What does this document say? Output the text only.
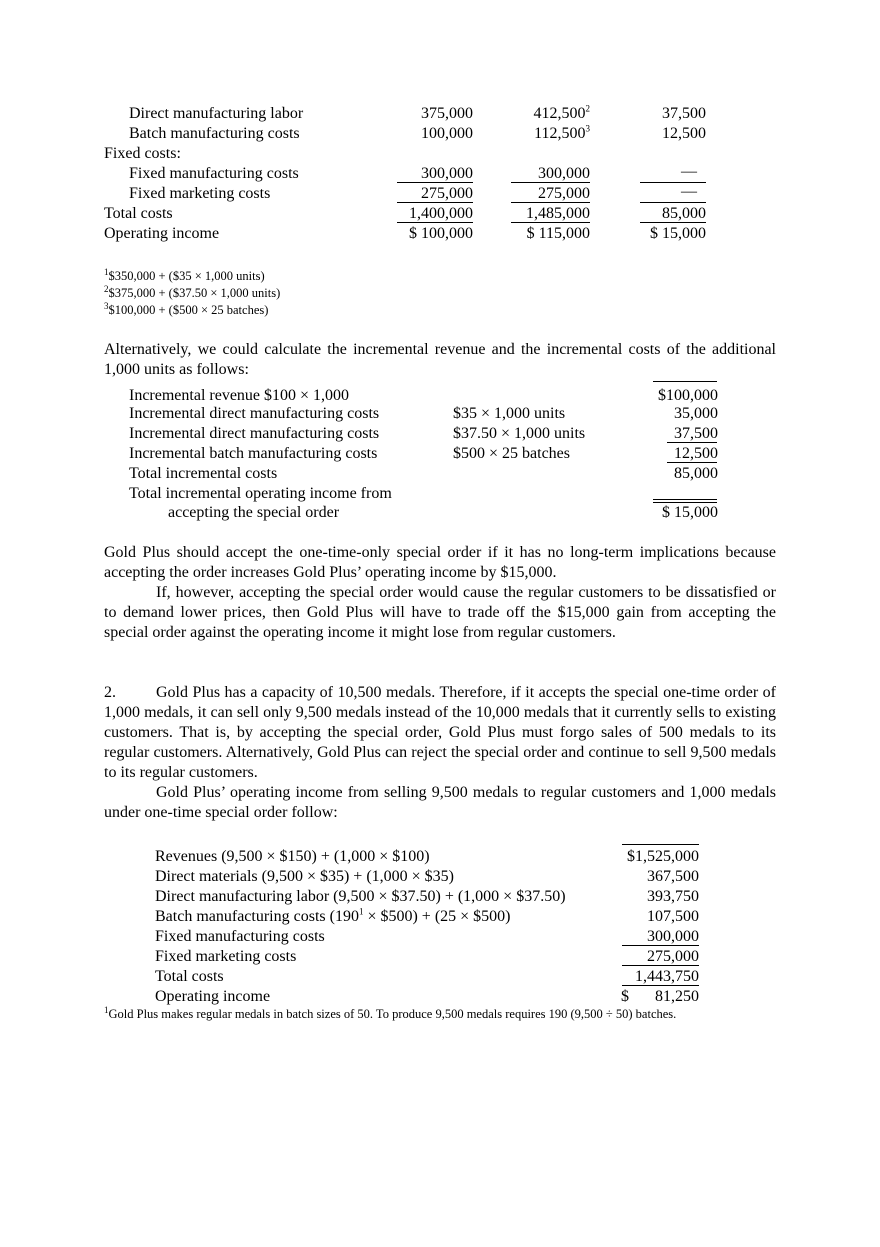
Direct manufacturing labor	375,000	412,500$^2$	37,500
Batch manufacturing costs	100,000	112,500$^3$	12,500
Fixed costs:
Fixed manufacturing costs	300,000	300,000	—
Fixed marketing costs	275,000	275,000	—
Total costs	1,400,000	1,485,000	85,000
Operating income	$ 100,000	$ 115,000	$ 15,000
$^1$\$350,000 + ($35 × 1,000 units)
$^2$\$375,000 + ($37.50 × 1,000 units)
$^3$\$100,000 + ($500 × 25 batches)
Alternatively, we could calculate the incremental revenue and the incremental costs of the additional 1,000 units as follows:
Incremental revenue $100 × 1,000	$100,000
Incremental direct manufacturing costs	$35 × 1,000 units	35,000
Incremental direct manufacturing costs	$37.50 × 1,000 units	37,500
Incremental batch manufacturing costs	$500 × 25 batches	12,500
Total incremental costs	85,000
Total incremental operating income from
accepting the special order	$ 15,000
Gold Plus should accept the one-time-only special order if it has no long-term implications because accepting the order increases Gold Plus’ operating income by $15,000.
If, however, accepting the special order would cause the regular customers to be dissatisfied or to demand lower prices, then Gold Plus will have to trade off the $15,000 gain from accepting the special order against the operating income it might lose from regular customers.
2.	Gold Plus has a capacity of 10,500 medals. Therefore, if it accepts the special one-time order of 1,000 medals, it can sell only 9,500 medals instead of the 10,000 medals that it currently sells to existing customers. That is, by accepting the special order, Gold Plus must forgo sales of 500 medals to its regular customers. Alternatively, Gold Plus can reject the special order and continue to sell 9,500 medals to its regular customers.
Gold Plus’ operating income from selling 9,500 medals to regular customers and 1,000 medals under one-time special order follow:
Revenues (9,500 × $150) + (1,000 × $100)	$1,525,000
Direct materials (9,500 × $35) + (1,000 × $35)	367,500
Direct manufacturing labor (9,500 × $37.50) + (1,000 × $37.50)	393,750
Batch manufacturing costs ($190^1$ × $500) + (25 × $500)	107,500
Fixed manufacturing costs	300,000
Fixed marketing costs	275,000
Total costs	1,443,750
Operating income	$ 81,250
$^1$Gold Plus makes regular medals in batch sizes of 50. To produce 9,500 medals requires 190 (9,500 ÷ 50) batches.
